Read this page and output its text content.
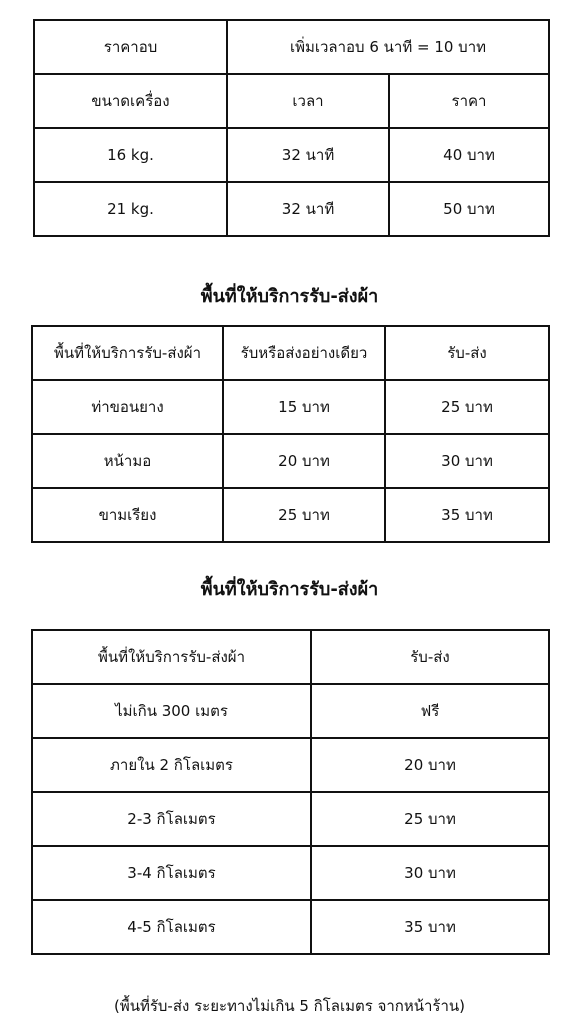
ราคาอบ	เพิ่มเวลาอบ 6 นาที = 10 บาท	
ขนาดเครื่อง	เวลา	ราคา
16 kg.	32 นาที	40 บาท
21 kg.	32 นาที	50 บาท
พื้นที่ให้บริการรับ-ส่งผ้า
พื้นที่ให้บริการรับ-ส่งผ้า	รับหรือส่งอย่างเดียว	รับ-ส่ง
ท่าขอนยาง	15 บาท	25 บาท
หน้ามอ	20 บาท	30 บาท
ขามเรียง	25 บาท	35 บาท
พื้นที่ให้บริการรับ-ส่งผ้า
พื้นที่ให้บริการรับ-ส่งผ้า	รับ-ส่ง
ไม่เกิน 300 เมตร	ฟรี
ภายใน 2 กิโลเมตร	20 บาท
2-3 กิโลเมตร	25 บาท
3-4 กิโลเมตร	30 บาท
4-5 กิโลเมตร	35 บาท
(พื้นที่รับ-ส่ง ระยะทางไม่เกิน 5 กิโลเมตร จากหน้าร้าน)
